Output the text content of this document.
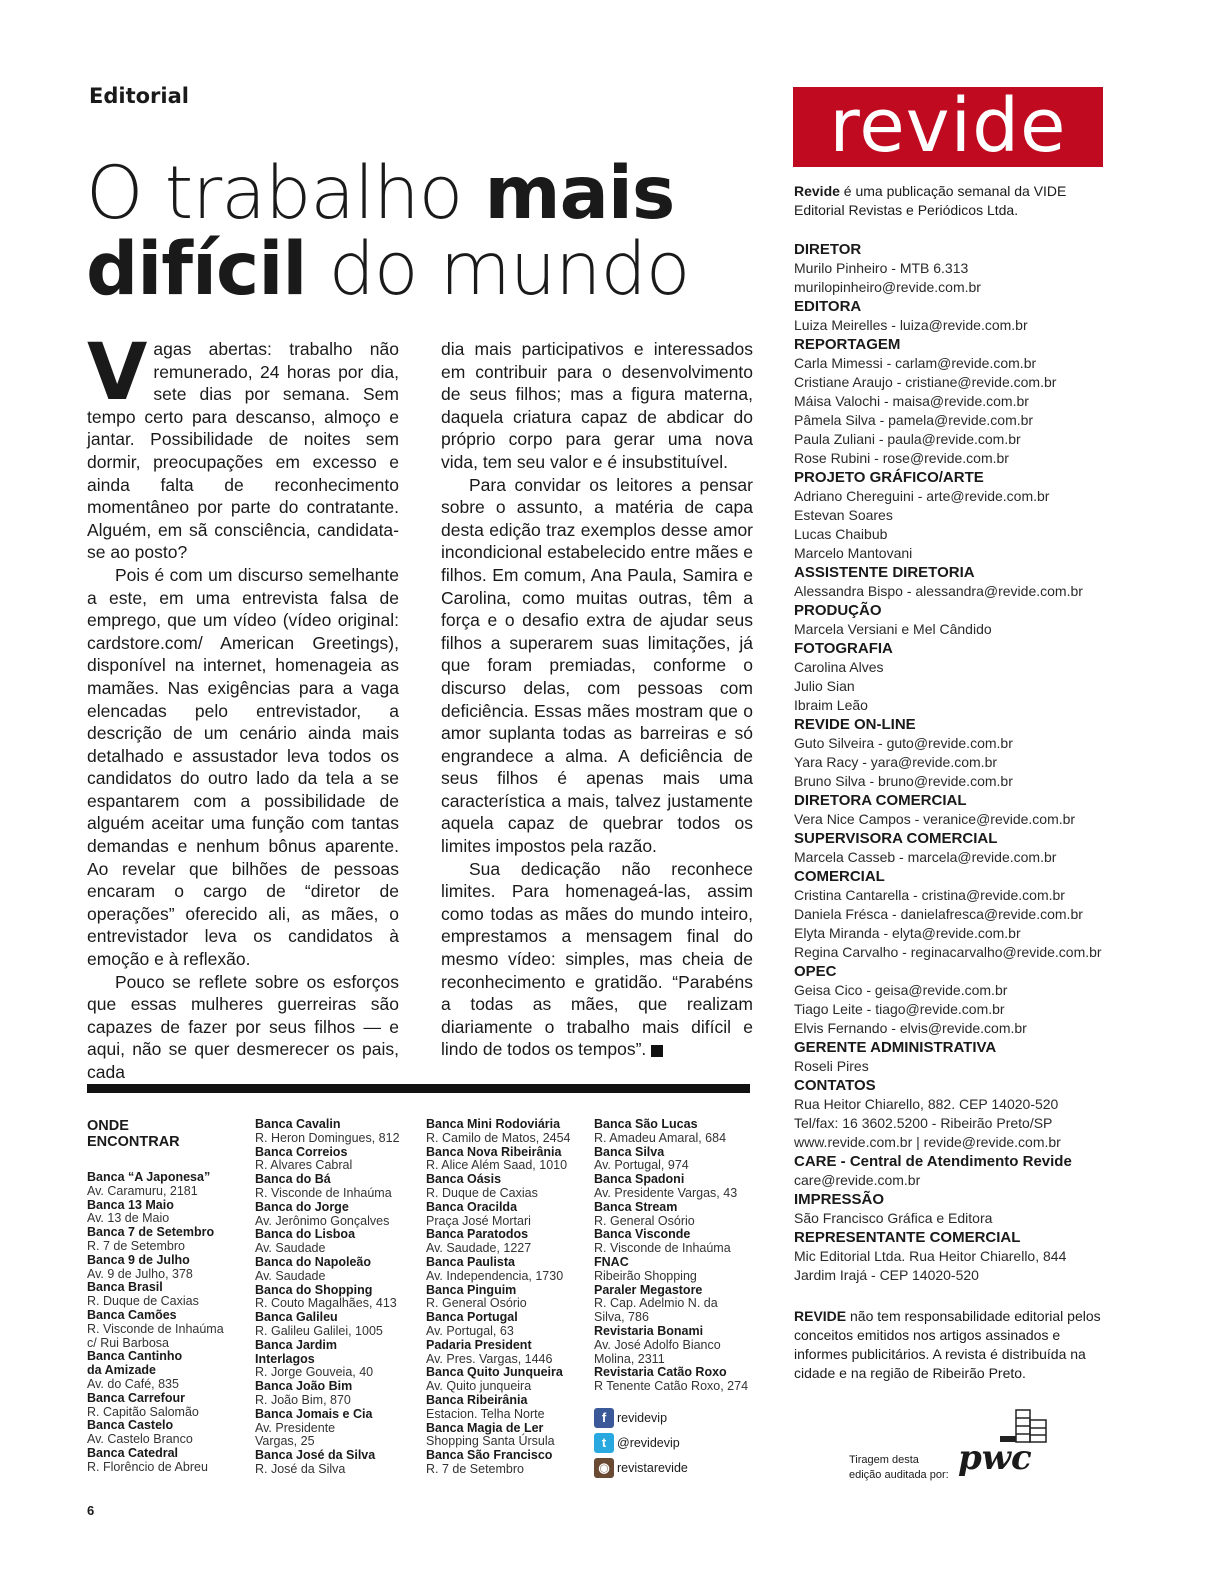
Editorial
O trabalho mais
difícil do mundo

Vagas abertas: trabalho não remunerado, 24 horas por dia, sete dias por semana. Sem tempo certo para descanso, almoço e jantar. Possibilidade de noites sem dormir, preocupações em excesso e ainda falta de reconhecimento momentâneo por parte do contratante. Alguém, em sã consciência, candidata-se ao posto?

Pois é com um discurso semelhante a este, em uma entrevista falsa de emprego, que um vídeo (vídeo original: cardstore.com/ American Greetings), disponível na internet, homenageia as mamães. Nas exigências para a vaga elencadas pelo entrevistador, a descrição de um cenário ainda mais detalhado e assustador leva todos os candidatos do outro lado da tela a se espantarem com a possibilidade de alguém aceitar uma função com tantas demandas e nenhum bônus aparente. Ao revelar que bilhões de pessoas encaram o cargo de “diretor de operações” oferecido ali, as mães, o entrevistador leva os candidatos à emoção e à reflexão.

Pouco se reflete sobre os esforços que essas mulheres guerreiras são capazes de fazer por seus filhos — e aqui, não se quer desmerecer os pais, cada

dia mais participativos e interessados em contribuir para o desenvolvimento de seus filhos; mas a figura materna, daquela criatura capaz de abdicar do próprio corpo para gerar uma nova vida, tem seu valor e é insubstituível.

Para convidar os leitores a pensar sobre o assunto, a matéria de capa desta edição traz exemplos desse amor incondicional estabelecido entre mães e filhos. Em comum, Ana Paula, Samira e Carolina, como muitas outras, têm a força e o desafio extra de ajudar seus filhos a superarem suas limitações, já que foram premiadas, conforme o discurso delas, com pessoas com deficiência. Essas mães mostram que o amor suplanta todas as barreiras e só engrandece a alma. A deficiência de seus filhos é apenas mais uma característica a mais, talvez justamente aquela capaz de quebrar todos os limites impostos pela razão.

Sua dedicação não reconhece limites. Para homenageá-las, assim como todas as mães do mundo inteiro, emprestamos a mensagem final do mesmo vídeo: simples, mas cheia de reconhecimento e gratidão. “Parabéns a todas as mães, que realizam diariamente o trabalho mais difícil e lindo de todos os tempos”.	r

ONDE
ENCONTRAR
Banca “A Japonesa”
Av. Caramuru, 2181
Banca 13 Maio
Av. 13 de Maio
Banca 7 de Setembro
R. 7 de Setembro
Banca 9 de Julho
Av. 9 de Julho, 378
Banca Brasil
R. Duque de Caxias
Banca Camões
R. Visconde de Inhaúma
c/ Rui Barbosa
Banca Cantinho
da Amizade
Av. do Café, 835
Banca Carrefour
R. Capitão Salomão
Banca Castelo
Av. Castelo Branco
Banca Catedral
R. Florêncio de Abreu
Banca Cavalin
R. Heron Domingues, 812
Banca Correios
R. Alvares Cabral
Banca do Bá
R. Visconde de Inhaúma
Banca do Jorge
Av. Jerônimo Gonçalves
Banca do Lisboa
Av. Saudade
Banca do Napoleão
Av. Saudade
Banca do Shopping
R. Couto Magalhães, 413
Banca Galileu
R. Galileu Galilei, 1005
Banca Jardim
Interlagos
R. Jorge Gouveia, 40
Banca João Bim
R. João Bim, 870
Banca Jomais e Cia
Av. Presidente
Vargas, 25
Banca José da Silva
R. José da Silva
Banca Mini Rodoviária
R. Camilo de Matos, 2454
Banca Nova Ribeirânia
R. Alice Além Saad, 1010
Banca Oásis
R. Duque de Caxias
Banca Oracilda
Praça José Mortari
Banca Paratodos
Av. Saudade, 1227
Banca Paulista
Av. Independencia, 1730
Banca Pinguim
R. General Osório
Banca Portugal
Av. Portugal, 63
Padaria President
Av. Pres. Vargas, 1446
Banca Quito Junqueira
Av. Quito junqueira
Banca Ribeirânia
Estacion. Telha Norte
Banca Magia de Ler
Shopping Santa Úrsula
Banca São Francisco
R. 7 de Setembro
Banca São Lucas
R. Amadeu Amaral, 684
Banca Silva
Av. Portugal, 974
Banca Spadoni
Av. Presidente Vargas, 43
Banca Stream
R. General Osório
Banca Visconde
R. Visconde de Inhaúma
FNAC
Ribeirão Shopping
Paraler Megastore
R. Cap. Adelmio N. da
Silva, 786
Revistaria Bonami
Av. José Adolfo Bianco
Molina, 2311
Revistaria Catão Roxo
R Tenente Catão Roxo, 274
f revidevip
t @revidevip
◉ revistarevide
revide
Revide é uma publicação semanal da VIDE Editorial Revistas e Periódicos Ltda.
DIRETOR
Murilo Pinheiro - MTB 6.313
murilopinheiro@revide.com.br
EDITORA
Luiza Meirelles - luiza@revide.com.br
REPORTAGEM
Carla Mimessi - carlam@revide.com.br
Cristiane Araujo - cristiane@revide.com.br
Máisa Valochi - maisa@revide.com.br
Pâmela Silva - pamela@revide.com.br
Paula Zuliani - paula@revide.com.br
Rose Rubini - rose@revide.com.br
PROJETO GRÁFICO/ARTE
Adriano Chereguini - arte@revide.com.br
Estevan Soares
Lucas Chaibub
Marcelo Mantovani
ASSISTENTE DIRETORIA
Alessandra Bispo - alessandra@revide.com.br
PRODUÇÃO
Marcela Versiani e Mel Cândido
FOTOGRAFIA
Carolina Alves
Julio Sian
Ibraim Leão
REVIDE ON-LINE
Guto Silveira - guto@revide.com.br
Yara Racy - yara@revide.com.br
Bruno Silva - bruno@revide.com.br
DIRETORA COMERCIAL
Vera Nice Campos - veranice@revide.com.br
SUPERVISORA COMERCIAL
Marcela Casseb - marcela@revide.com.br
COMERCIAL
Cristina Cantarella - cristina@revide.com.br
Daniela Frésca - danielafresca@revide.com.br
Elyta Miranda - elyta@revide.com.br
Regina Carvalho - reginacarvalho@revide.com.br
OPEC
Geisa Cico - geisa@revide.com.br
Tiago Leite - tiago@revide.com.br
Elvis Fernando - elvis@revide.com.br
GERENTE ADMINISTRATIVA
Roseli Pires
CONTATOS
Rua Heitor Chiarello, 882. CEP 14020-520
Tel/fax: 16 3602.5200 - Ribeirão Preto/SP
www.revide.com.br | revide@revide.com.br
CARE - Central de Atendimento Revide
care@revide.com.br
IMPRESSÃO
São Francisco Gráfica e Editora
REPRESENTANTE COMERCIAL
Mic Editorial Ltda. Rua Heitor Chiarello, 844
Jardim Irajá - CEP 14020-520
REVIDE não tem responsabilidade editorial pelos conceitos emitidos nos artigos assinados e informes publicitários. A revista é distribuída na cidade e na região de Ribeirão Preto.
Tiragem desta
edição auditada por: pwc
6
